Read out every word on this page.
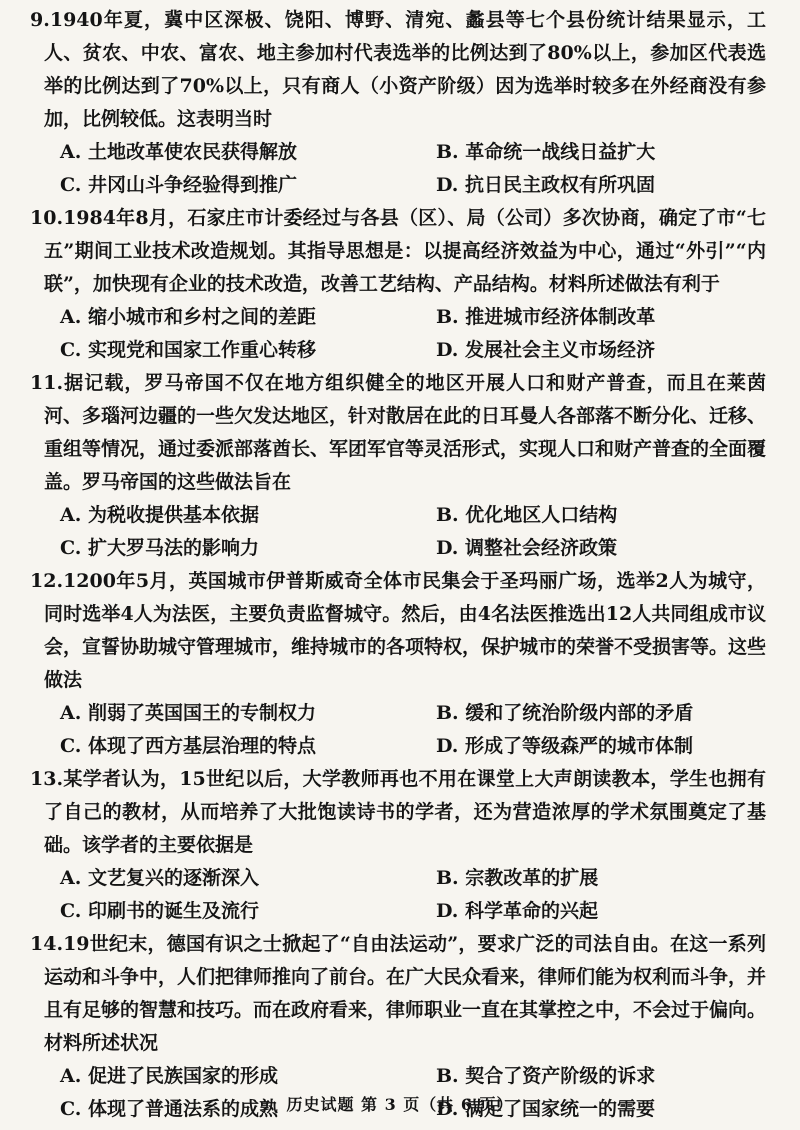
9.1940年夏，冀中区深极、饶阳、博野、清宛、蠡县等七个县份统计结果显示，工人、贫农、中农、富农、地主参加村代表选举的比例达到了80%以上，参加区代表选举的比例达到了70%以上，只有商人（小资产阶级）因为选举时较多在外经商没有参加，比例较低。这表明当时

A. 土地改革使农民获得解放	B. 革命统一战线日益扩大
C. 井冈山斗争经验得到推广	D. 抗日民主政权有所巩固

10.1984年8月，石家庄市计委经过与各县（区）、局（公司）多次协商，确定了市“七五”期间工业技术改造规划。其指导思想是：以提高经济效益为中心，通过“外引”“内联”，加快现有企业的技术改造，改善工艺结构、产品结构。材料所述做法有利于

A. 缩小城市和乡村之间的差距	B. 推进城市经济体制改革
C. 实现党和国家工作重心转移	D. 发展社会主义市场经济

11.据记载，罗马帝国不仅在地方组织健全的地区开展人口和财产普查，而且在莱茵河、多瑙河边疆的一些欠发达地区，针对散居在此的日耳曼人各部落不断分化、迁移、重组等情况，通过委派部落酋长、军团军官等灵活形式，实现人口和财产普查的全面覆盖。罗马帝国的这些做法旨在

A. 为税收提供基本依据	B. 优化地区人口结构
C. 扩大罗马法的影响力	D. 调整社会经济政策

12.1200年5月，英国城市伊普斯威奇全体市民集会于圣玛丽广场，选举2人为城守，同时选举4人为法医，主要负责监督城守。然后，由4名法医推选出12人共同组成市议会，宣誓协助城守管理城市，维持城市的各项特权，保护城市的荣誉不受损害等。这些做法

A. 削弱了英国国王的专制权力	B. 缓和了统治阶级内部的矛盾
C. 体现了西方基层治理的特点	D. 形成了等级森严的城市体制

13.某学者认为，15世纪以后，大学教师再也不用在课堂上大声朗读教本，学生也拥有了自己的教材，从而培养了大批饱读诗书的学者，还为营造浓厚的学术氛围奠定了基础。该学者的主要依据是

A. 文艺复兴的逐渐深入	B. 宗教改革的扩展
C. 印刷书的诞生及流行	D. 科学革命的兴起

14.19世纪末，德国有识之士掀起了“自由法运动”，要求广泛的司法自由。在这一系列运动和斗争中，人们把律师推向了前台。在广大民众看来，律师们能为权利而斗争，并且有足够的智慧和技巧。而在政府看来，律师职业一直在其掌控之中，不会过于偏向。材料所述状况

A. 促进了民族国家的形成	B. 契合了资产阶级的诉求
C. 体现了普通法系的成熟	D. 满足了国家统一的需要
历史试题 第 3 页（共 6 页）
